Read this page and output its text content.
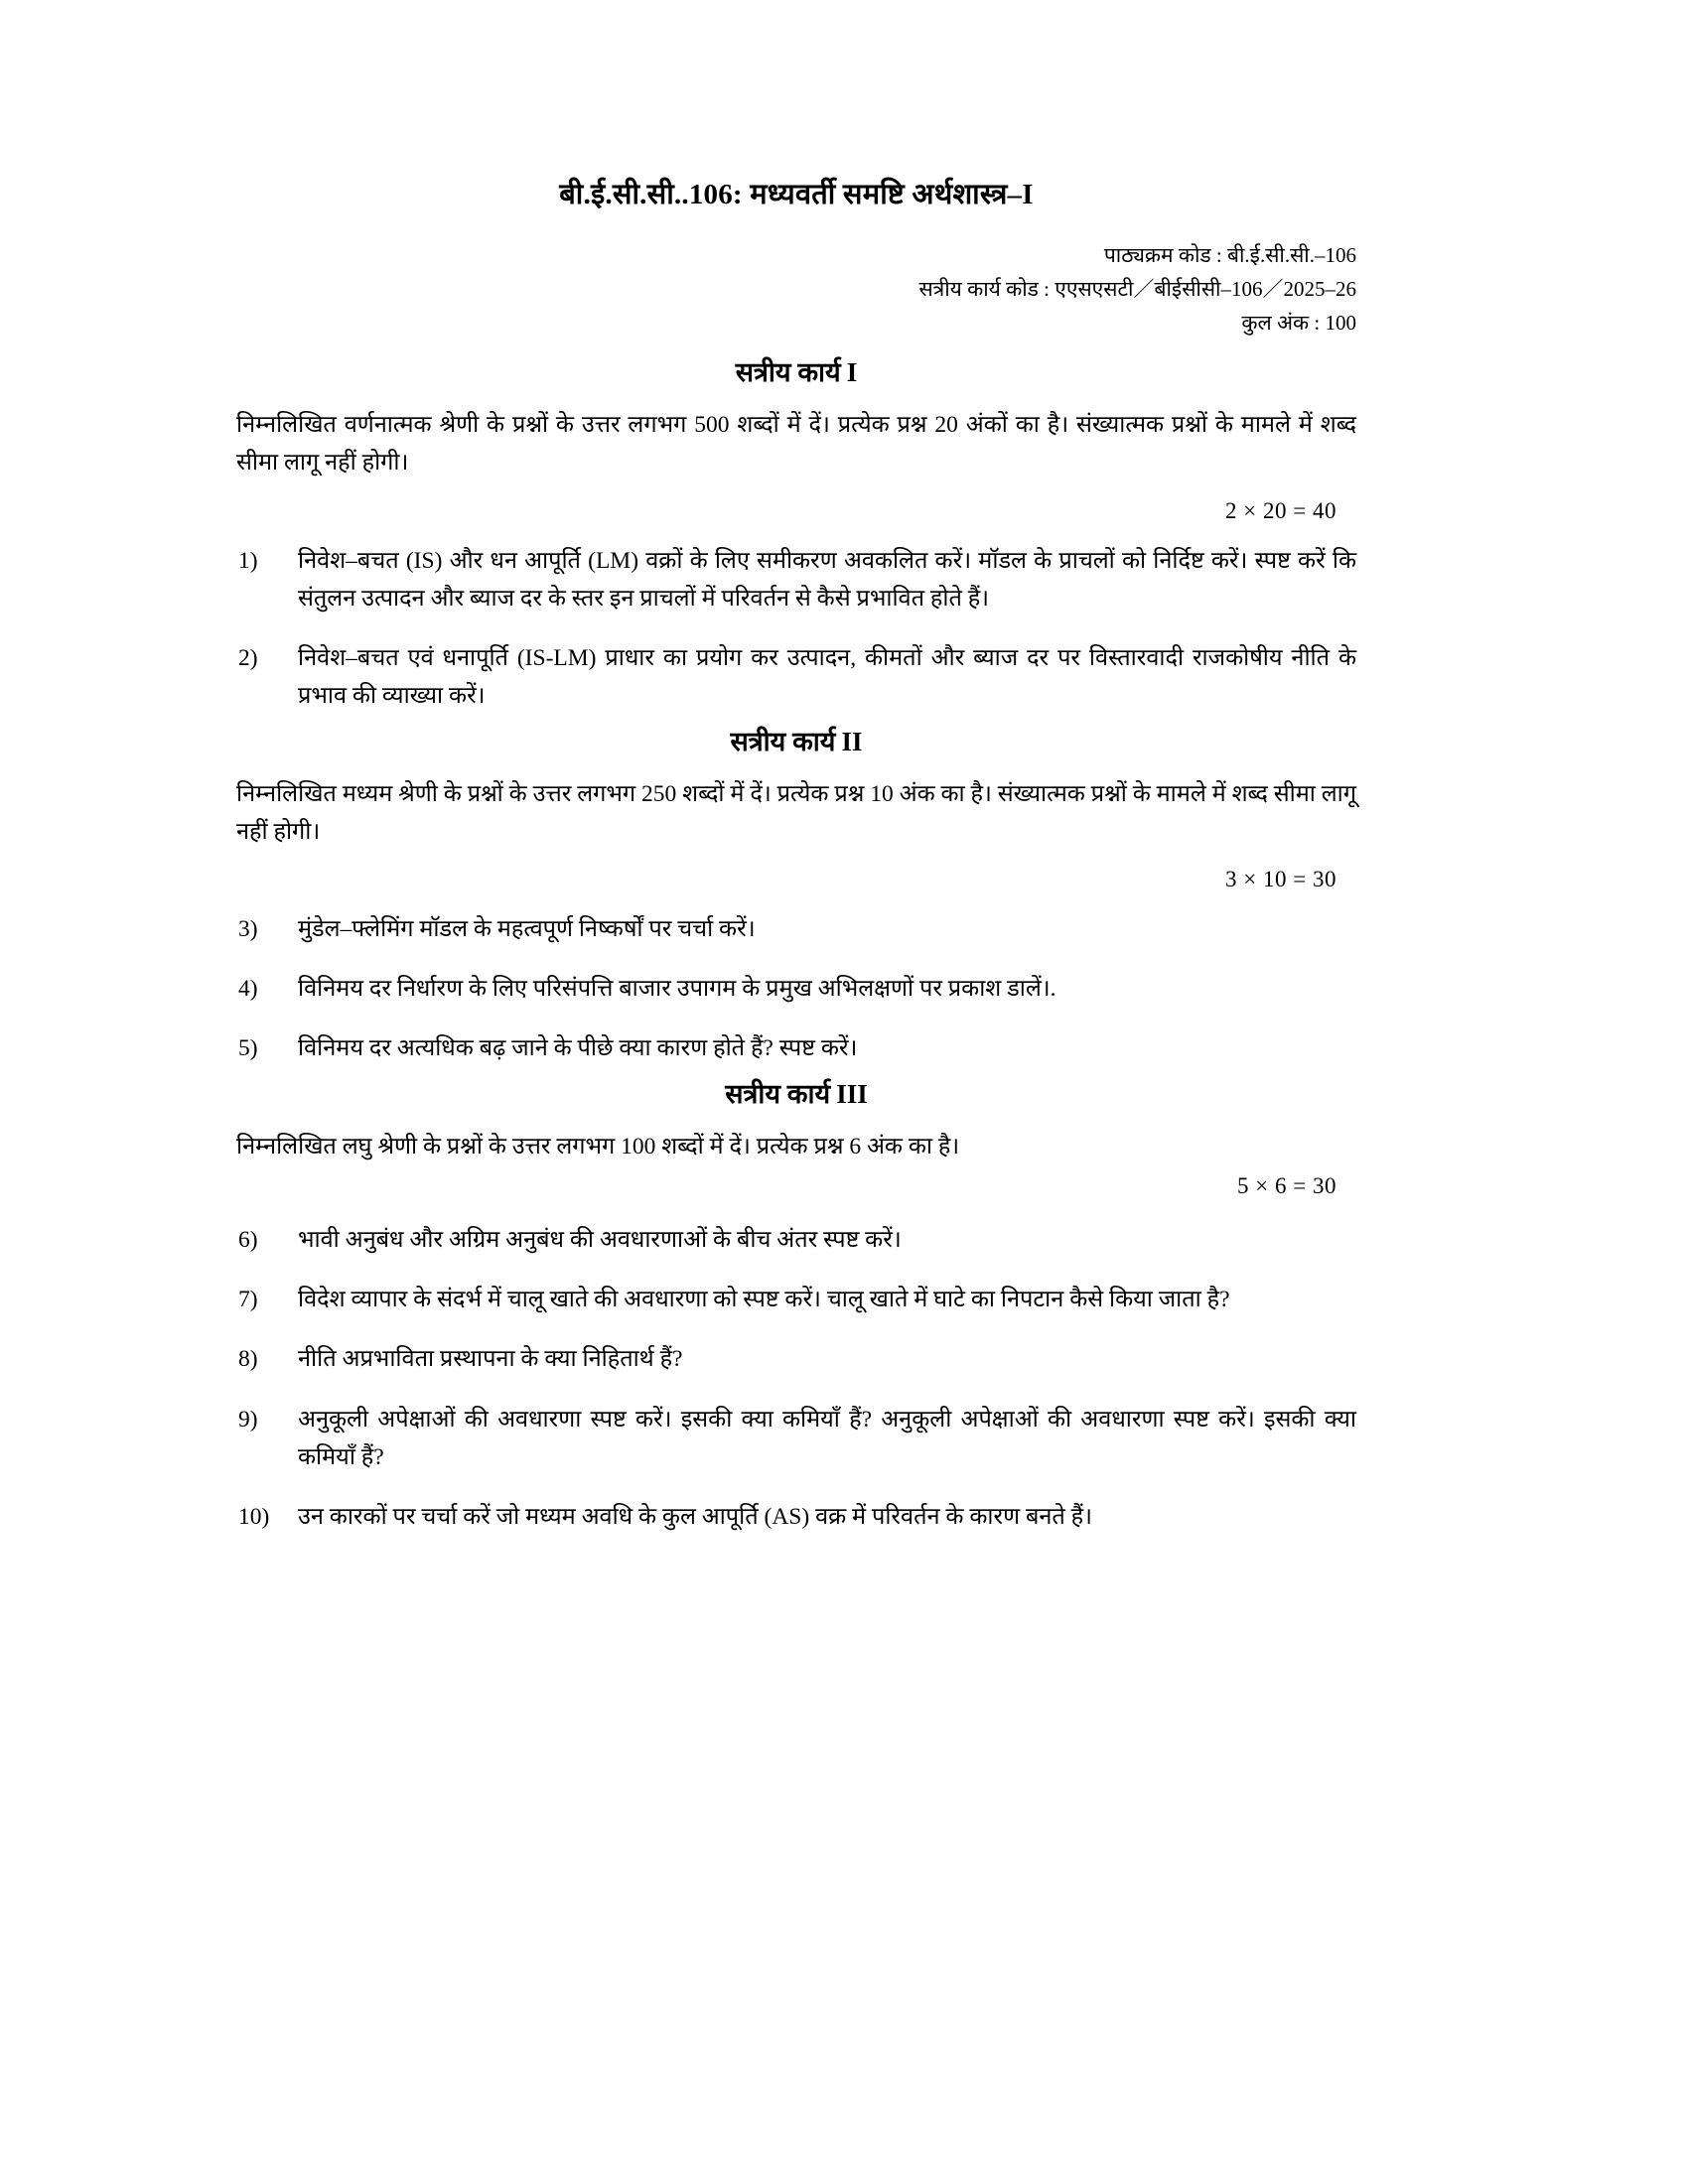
बी.ई.सी.सी..106: मध्यवर्ती समष्टि अर्थशास्त्र–I
पाठ्यक्रम कोड : बी.ई.सी.सी.–106
सत्रीय कार्य कोड : एएसएसटी／बीईसीसी–106／2025–26
कुल अंक : 100
सत्रीय कार्य I

निम्नलिखित वर्णनात्मक श्रेणी के प्रश्नों के उत्तर लगभग 500 शब्दों में दें। प्रत्येक प्रश्न 20 अंकों का है। संख्यात्मक प्रश्नों के मामले में शब्द सीमा लागू नहीं होगी।

2 × 20 = 40
1)	निवेश–बचत (IS) और धन आपूर्ति (LM) वक्रों के लिए समीकरण अवकलित करें। मॉडल के प्राचलों को निर्दिष्ट करें। स्पष्ट करें कि संतुलन उत्पादन और ब्याज दर के स्तर इन प्राचलों में परिवर्तन से कैसे प्रभावित होते हैं।
2)	निवेश–बचत एवं धनापूर्ति (IS-LM) प्राधार का प्रयोग कर उत्पादन, कीमतों और ब्याज दर पर विस्तारवादी राजकोषीय नीति के प्रभाव की व्याख्या करें।
सत्रीय कार्य II

निम्नलिखित मध्यम श्रेणी के प्रश्नों के उत्तर लगभग 250 शब्दों में दें। प्रत्येक प्रश्न 10 अंक का है। संख्यात्मक प्रश्नों के मामले में शब्द सीमा लागू नहीं होगी।

3 × 10 = 30
3)	मुंडेल–फ्लेमिंग मॉडल के महत्वपूर्ण निष्कर्षों पर चर्चा करें।
4)	विनिमय दर निर्धारण के लिए परिसंपत्ति बाजार उपागम के प्रमुख अभिलक्षणों पर प्रकाश डालें।.
5)	विनिमय दर अत्यधिक बढ़ जाने के पीछे क्या कारण होते हैं? स्पष्ट करें।
सत्रीय कार्य III

निम्नलिखित लघु श्रेणी के प्रश्नों के उत्तर लगभग 100 शब्दों में दें। प्रत्येक प्रश्न 6 अंक का है।

5 × 6 = 30
6)	भावी अनुबंध और अग्रिम अनुबंध की अवधारणाओं के बीच अंतर स्पष्ट करें।
7)	विदेश व्यापार के संदर्भ में चालू खाते की अवधारणा को स्पष्ट करें। चालू खाते में घाटे का निपटान कैसे किया जाता है?
8)	नीति अप्रभाविता प्रस्थापना के क्या निहितार्थ हैं?
9)	अनुकूली अपेक्षाओं की अवधारणा स्पष्ट करें। इसकी क्या कमियाँ हैं? अनुकूली अपेक्षाओं की अवधारणा स्पष्ट करें। इसकी क्या कमियाँ हैं?
10)	उन कारकों पर चर्चा करें जो मध्यम अवधि के कुल आपूर्ति (AS) वक्र में परिवर्तन के कारण बनते हैं।
